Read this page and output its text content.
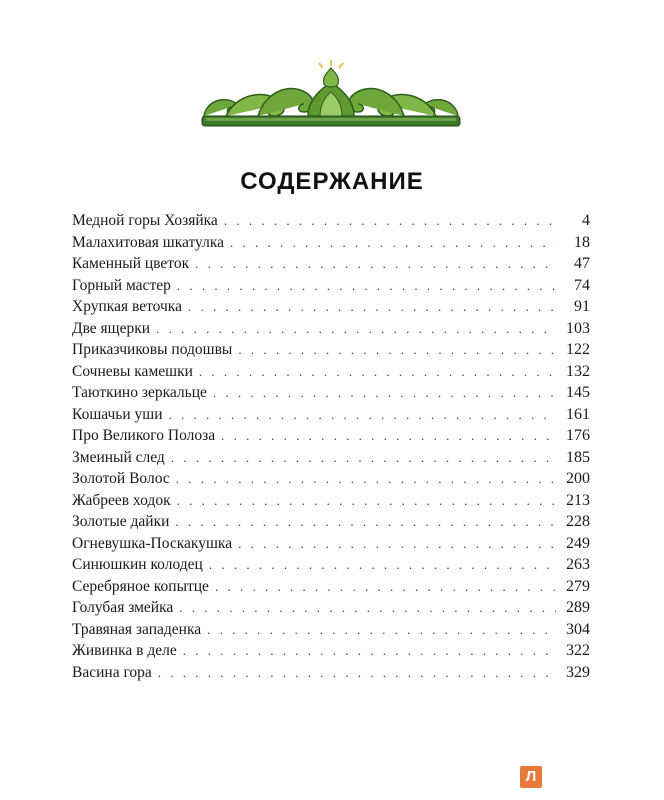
СОДЕРЖАНИЕ
Медной горы Хозяйка . . .	4
Малахитовая шкатулка . . .	18
Каменный цветок . . .	47
Горный мастер . . .	74
Хрупкая веточка . . .	91
Две ящерки . . .	103
Приказчиковы подошвы . . .	122
Сочневы камешки . . .	132
Таюткино зеркальце . . .	145
Кошачьи уши . . .	161
Про Великого Полоза . . .	176
Змеиный след . . .	185
Золотой Волос . . .	200
Жабреев ходок . . .	213
Золотые дайки . . .	228
Огневушка-Поскакушка . . .	249
Синюшкин колодец . . .	263
Серебряное копытце . . .	279
Голубая змейка . . .	289
Травяная западенка . . .	304
Живинка в деле . . .	322
Васина гора . . .	329
Л
